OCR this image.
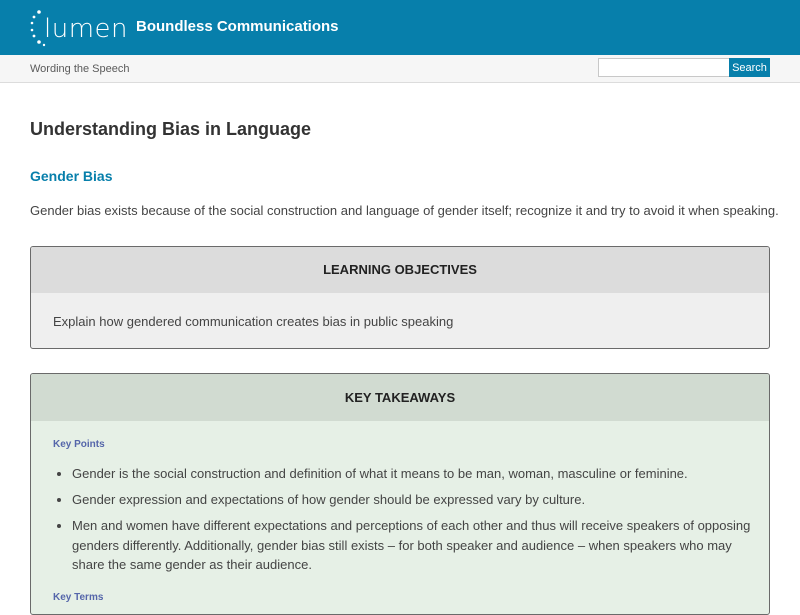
lumen Boundless Communications
Wording the Speech	Search
Understanding Bias in Language
Gender Bias

Gender bias exists because of the social construction and language of gender itself; recognize it and try to avoid it when speaking.

LEARNING OBJECTIVES
Explain how gendered communication creates bias in public speaking
KEY TAKEAWAYS
Key Points
• Gender is the social construction and definition of what it means to be man, woman, masculine or feminine.
• Gender expression and expectations of how gender should be expressed vary by culture.
• Men and women have different expectations and perceptions of each other and thus will receive speakers of opposing genders differently. Additionally, gender bias still exists – for both speaker and audience – when speakers who may share the same gender as their audience.
Key Terms
